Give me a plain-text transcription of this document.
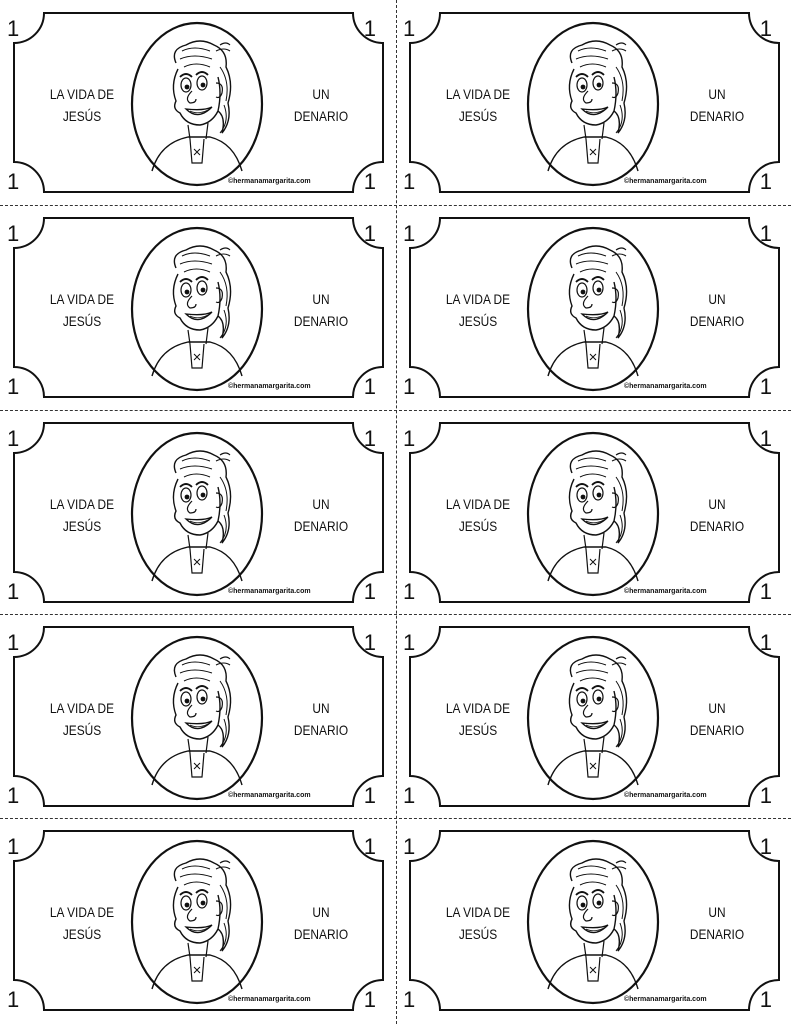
1	1
1	1
LA VIDA DE
JESÚS
UN
DENARIO
©hermanamargarita.com
1	1
1	1
LA VIDA DE
JESÚS
UN
DENARIO
©hermanamargarita.com
1	1
1	1
LA VIDA DE
JESÚS
UN
DENARIO
©hermanamargarita.com
1	1
1	1
LA VIDA DE
JESÚS
UN
DENARIO
©hermanamargarita.com
1	1
1	1
LA VIDA DE
JESÚS
UN
DENARIO
©hermanamargarita.com
1	1
1	1
LA VIDA DE
JESÚS
UN
DENARIO
©hermanamargarita.com
1	1
1	1
LA VIDA DE
JESÚS
UN
DENARIO
©hermanamargarita.com
1	1
1	1
LA VIDA DE
JESÚS
UN
DENARIO
©hermanamargarita.com
1	1
1	1
LA VIDA DE
JESÚS
UN
DENARIO
©hermanamargarita.com
1	1
1	1
LA VIDA DE
JESÚS
UN
DENARIO
©hermanamargarita.com
